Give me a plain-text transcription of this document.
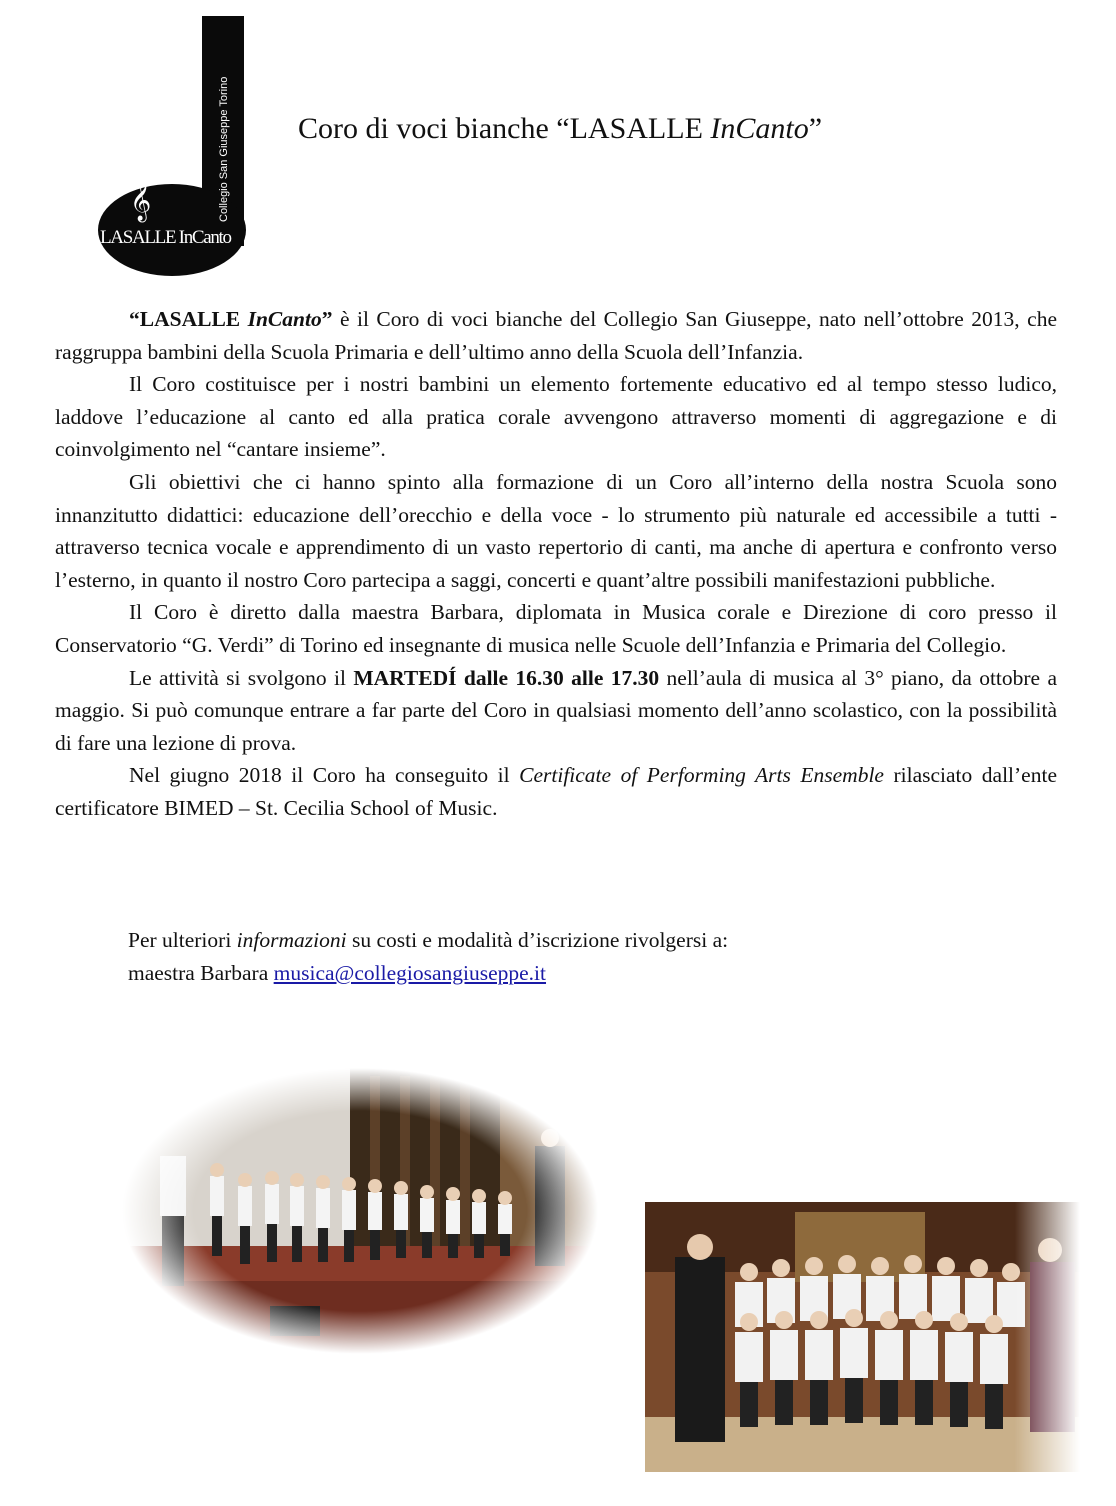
Collegio San Giuseppe Torino
𝄞
LASALLE InCanto
Coro di voci bianche “LASALLE InCanto”

“LASALLE InCanto” è il Coro di voci bianche del Collegio San Giuseppe, nato nell’ottobre 2013, che raggruppa bambini della Scuola Primaria e dell’ultimo anno della Scuola dell’Infanzia.

Il Coro costituisce per i nostri bambini un elemento fortemente educativo ed al tempo stesso ludico, laddove l’educazione al canto ed alla pratica corale avvengono attraverso momenti di aggregazione e di coinvolgimento nel “cantare insieme”.

Gli obiettivi che ci hanno spinto alla formazione di un Coro all’interno della nostra Scuola sono innanzitutto didattici: educazione dell’orecchio e della voce - lo strumento più naturale ed accessibile a tutti - attraverso tecnica vocale e apprendimento di un vasto repertorio di canti, ma anche di apertura e confronto verso l’esterno, in quanto il nostro Coro partecipa a saggi, concerti e quant’altre possibili manifestazioni pubbliche.

Il Coro è diretto dalla maestra Barbara, diplomata in Musica corale e Direzione di coro presso il Conservatorio “G. Verdi” di Torino ed insegnante di musica nelle Scuole dell’Infanzia e Primaria del Collegio.

Le attività si svolgono il MARTEDÍ dalle 16.30 alle 17.30 nell’aula di musica al 3° piano, da ottobre a maggio. Si può comunque entrare a far parte del Coro in qualsiasi momento dell’anno scolastico, con la possibilità di fare una lezione di prova.

Nel giugno 2018 il Coro ha conseguito il Certificate of Performing Arts Ensemble rilasciato dall’ente certificatore BIMED – St. Cecilia School of Music.

Per ulteriori informazioni su costi e modalità d’iscrizione rivolgersi a:
maestra Barbara musica@collegiosangiuseppe.it
